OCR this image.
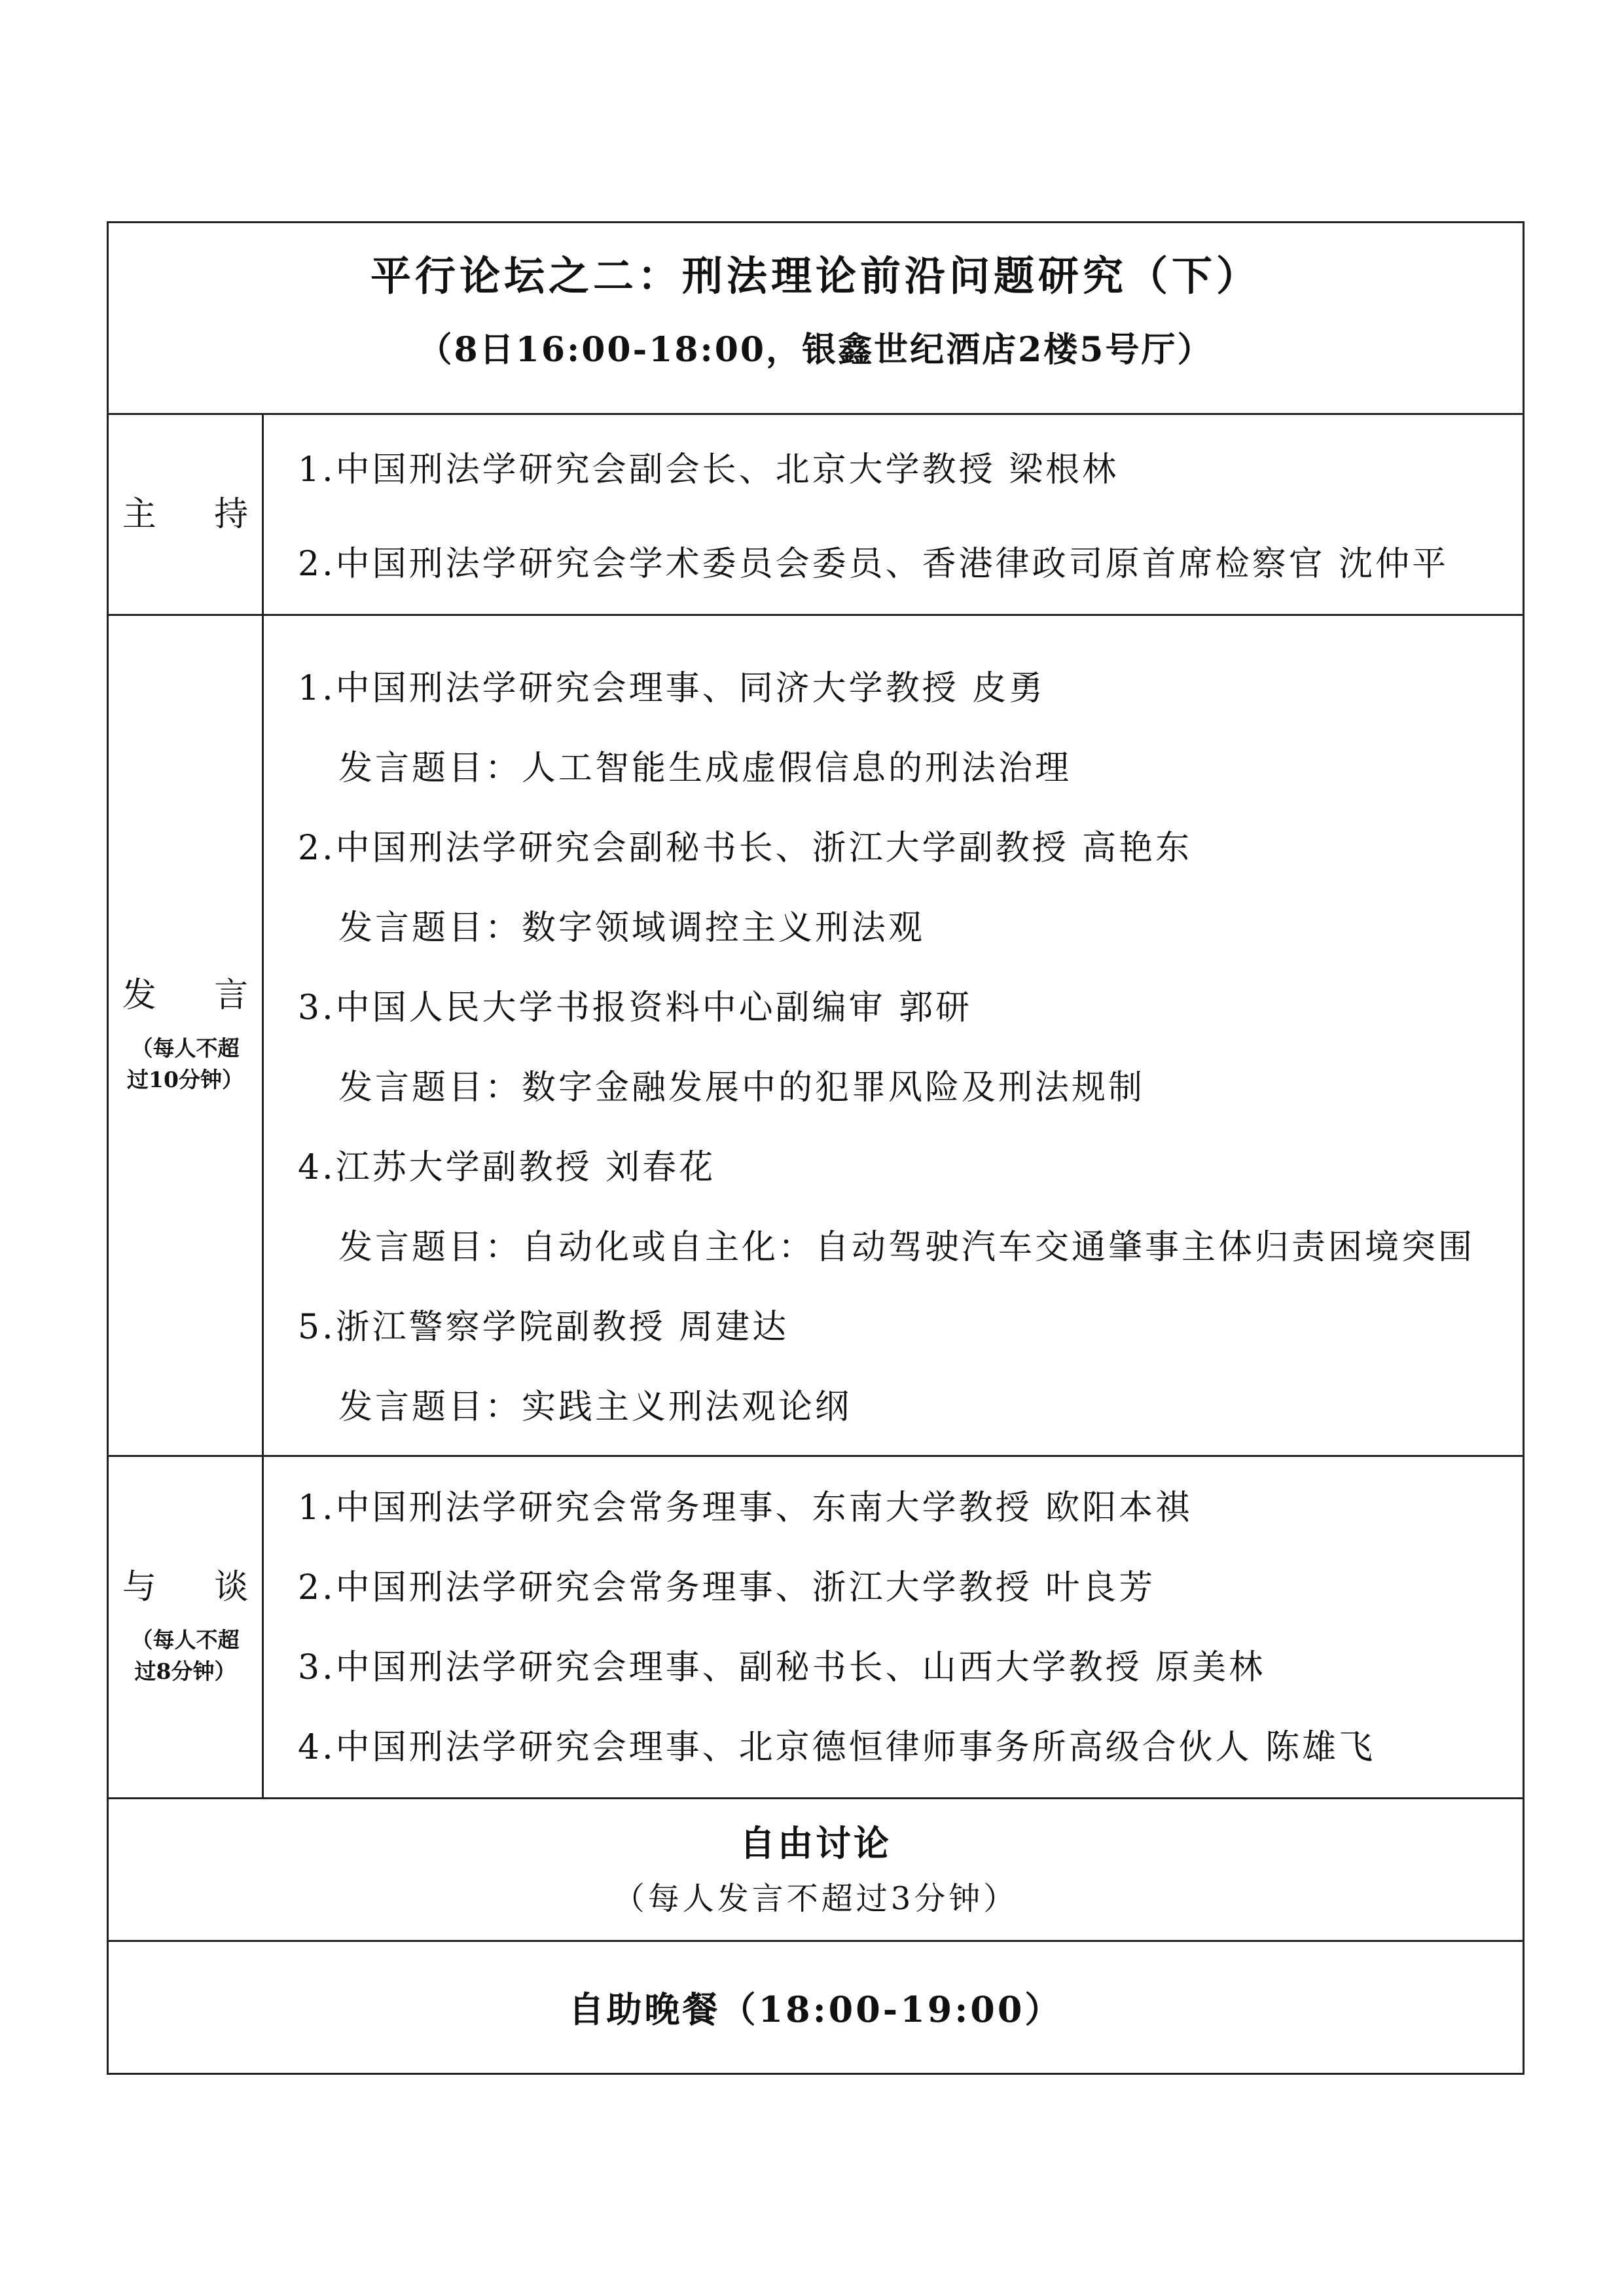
平行论坛之二：刑法理论前沿问题研究（下）
（8日16:00-18:00，银鑫世纪酒店2楼5号厅）
主 持
1.中国刑法学研究会副会长、北京大学教授 梁根林
2.中国刑法学研究会学术委员会委员、香港律政司原首席检察官 沈仲平
发 言
（每人不超
过10分钟）
1.中国刑法学研究会理事、同济大学教授 皮勇
发言题目：人工智能生成虚假信息的刑法治理
2.中国刑法学研究会副秘书长、浙江大学副教授 高艳东
发言题目：数字领域调控主义刑法观
3.中国人民大学书报资料中心副编审 郭研
发言题目：数字金融发展中的犯罪风险及刑法规制
4.江苏大学副教授 刘春花
发言题目：自动化或自主化：自动驾驶汽车交通肇事主体归责困境突围
5.浙江警察学院副教授 周建达
发言题目：实践主义刑法观论纲
与 谈
（每人不超
过8分钟）
1.中国刑法学研究会常务理事、东南大学教授 欧阳本祺
2.中国刑法学研究会常务理事、浙江大学教授 叶良芳
3.中国刑法学研究会理事、副秘书长、山西大学教授 原美林
4.中国刑法学研究会理事、北京德恒律师事务所高级合伙人 陈雄飞
自由讨论
（每人发言不超过3分钟）
自助晚餐（18:00-19:00）
